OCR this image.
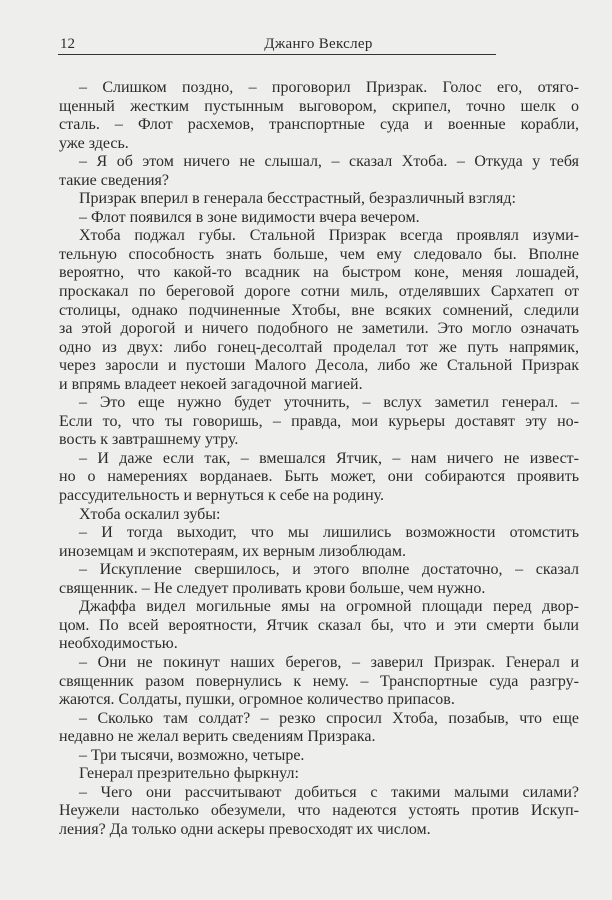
12	Джанго Векслер
– Слишком поздно, – проговорил Призрак. Голос его, отяго-
щенный жестким пустынным выговором, скрипел, точно шелк о
сталь. – Флот расхемов, транспортные суда и военные корабли,
уже здесь.
– Я об этом ничего не слышал, – сказал Хтоба. – Откуда у тебя
такие сведения?
Призрак вперил в генерала бесстрастный, безразличный взгляд:
– Флот появился в зоне видимости вчера вечером.
Хтоба поджал губы. Стальной Призрак всегда проявлял изуми-
тельную способность знать больше, чем ему следовало бы. Вполне
вероятно, что какой-то всадник на быстром коне, меняя лошадей,
проскакал по береговой дороге сотни миль, отделявших Сархатеп от
столицы, однако подчиненные Хтобы, вне всяких сомнений, следили
за этой дорогой и ничего подобного не заметили. Это могло означать
одно из двух: либо гонец-десолтай проделал тот же путь напрямик,
через заросли и пустоши Малого Десола, либо же Стальной Призрак
и впрямь владеет некоей загадочной магией.
– Это еще нужно будет уточнить, – вслух заметил генерал. –
Если то, что ты говоришь, – правда, мои курьеры доставят эту но-
вость к завтрашнему утру.
– И даже если так, – вмешался Ятчик, – нам ничего не извест-
но о намерениях ворданаев. Быть может, они собираются проявить
рассудительность и вернуться к себе на родину.
Хтоба оскалил зубы:
– И тогда выходит, что мы лишились возможности отомстить
иноземцам и экспотераям, их верным лизоблюдам.
– Искупление свершилось, и этого вполне достаточно, – сказал
священник. – Не следует проливать крови больше, чем нужно.
Джаффа видел могильные ямы на огромной площади перед двор-
цом. По всей вероятности, Ятчик сказал бы, что и эти смерти были
необходимостью.
– Они не покинут наших берегов, – заверил Призрак. Генерал и
священник разом повернулись к нему. – Транспортные суда разгру-
жаются. Солдаты, пушки, огромное количество припасов.
– Сколько там солдат? – резко спросил Хтоба, позабыв, что еще
недавно не желал верить сведениям Призрака.
– Три тысячи, возможно, четыре.
Генерал презрительно фыркнул:
– Чего они рассчитывают добиться с такими малыми силами?
Неужели настолько обезумели, что надеются устоять против Искуп-
ления? Да только одни аскеры превосходят их числом.
